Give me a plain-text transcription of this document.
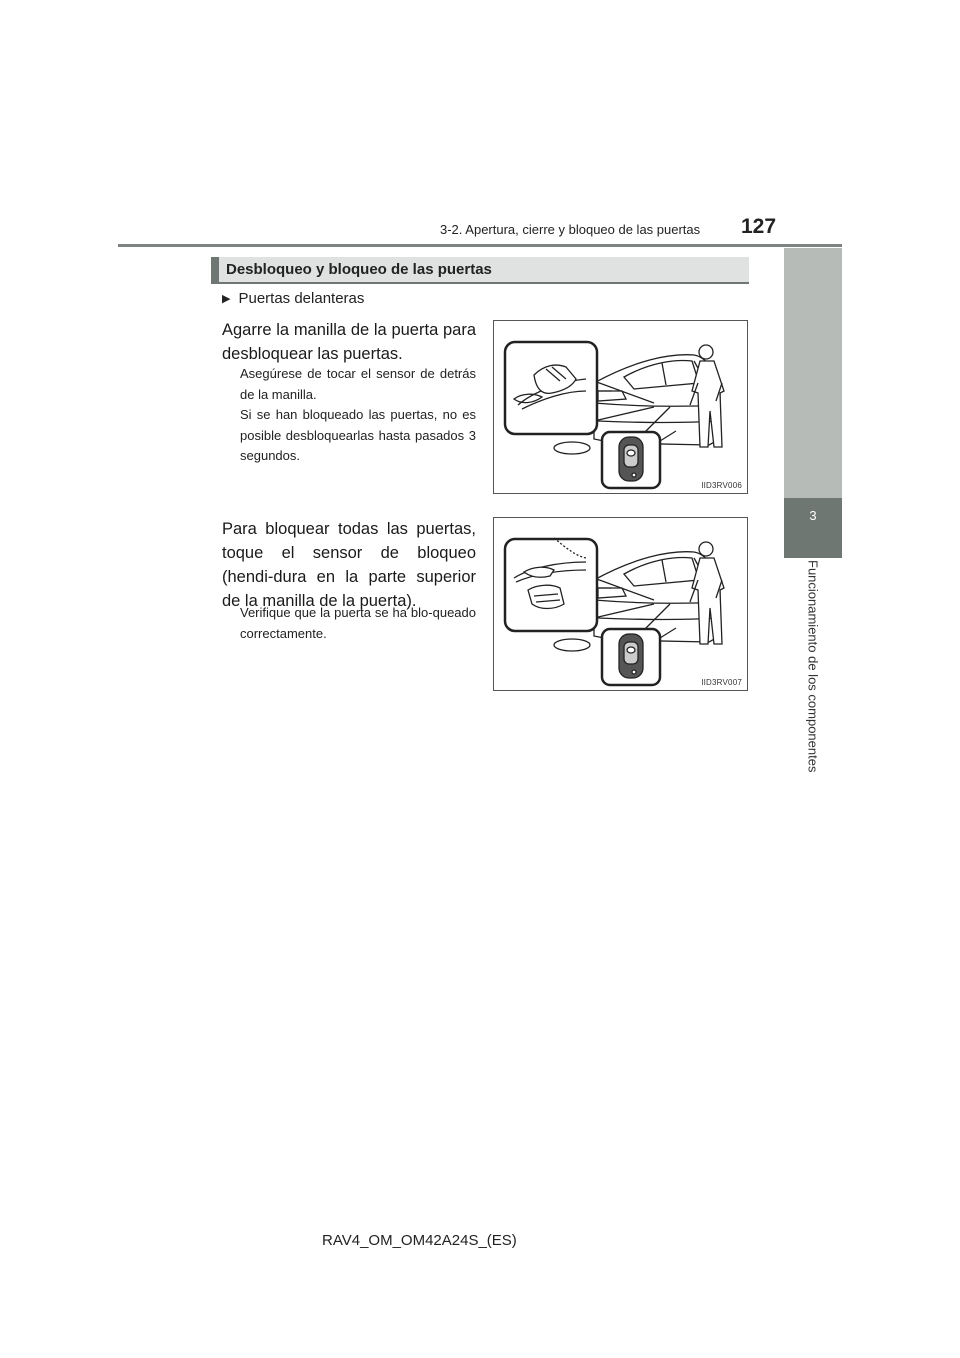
3-2. Apertura, cierre y bloqueo de las puertas 127
3
Funcionamiento de los componentes
Desbloqueo y bloqueo de las puertas
▶ Puertas delanteras
Agarre la manilla de la puerta para desbloquear las puertas.
Asegúrese de tocar el sensor de detrás de la manilla.
Si se han bloqueado las puertas, no es posible desbloquearlas hasta pasados 3 segundos.
Para bloquear todas las puertas, toque el sensor de bloqueo (hendi-dura en la parte superior de la manilla de la puerta).
Verifique que la puerta se ha blo-queado correctamente.
IID3RV006
IID3RV007
RAV4_OM_OM42A24S_(ES)
